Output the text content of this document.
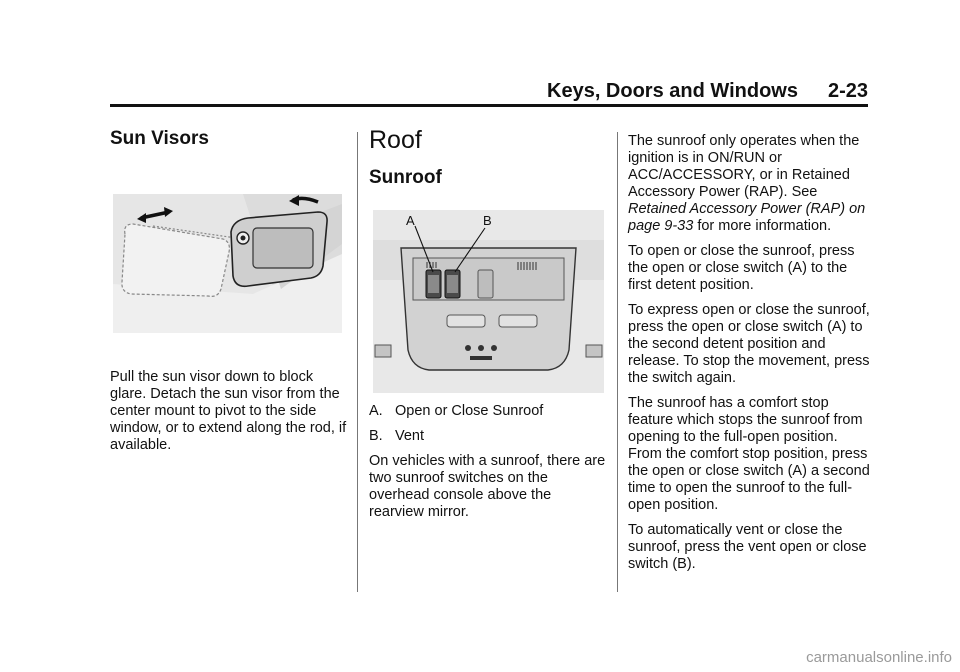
Keys, Doors and Windows 2-23
Sun Visors

Pull the sun visor down to block glare. Detach the sun visor from the center mount to pivot to the side window, or to extend along the rod, if available.

Roof
Sunroof
A	B

A. Open or Close Sunroof

B. Vent

On vehicles with a sunroof, there are two sunroof switches on the overhead console above the rearview mirror.

The sunroof only operates when the ignition is in ON/RUN or ACC/ACCESSORY, or in Retained Accessory Power (RAP). See Retained Accessory Power (RAP) on page 9-33 for more information.

To open or close the sunroof, press the open or close switch (A) to the first detent position.

To express open or close the sunroof, press the open or close switch (A) to the second detent position and release. To stop the movement, press the switch again.

The sunroof has a comfort stop feature which stops the sunroof from opening to the full-open position. From the comfort stop position, press the open or close switch (A) a second time to open the sunroof to the full-open position.

To automatically vent or close the sunroof, press the vent open or close switch (B).

carmanualsonline.info
